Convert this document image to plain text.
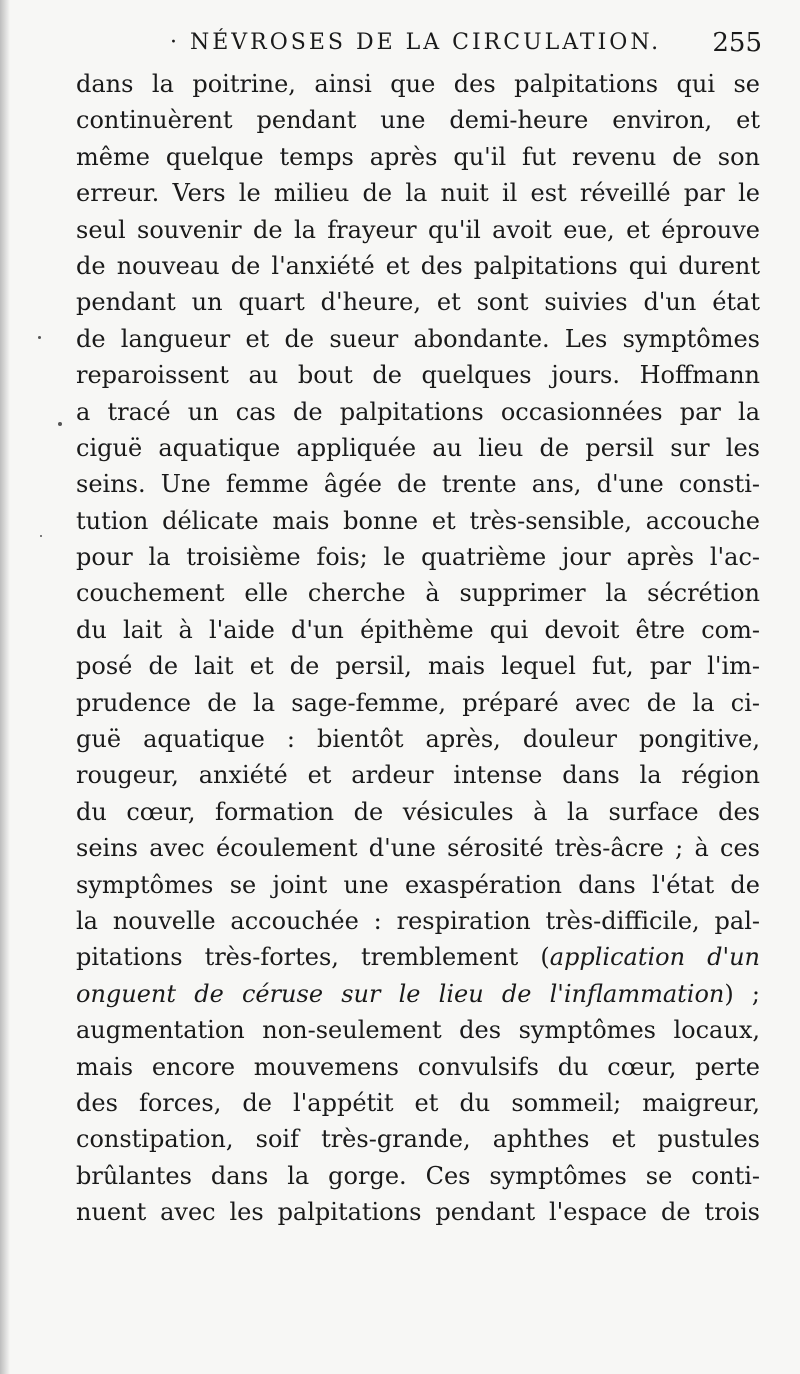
· NÉVROSES DE LA CIRCULATION. 255
dans la poitrine, ainsi que des palpitations qui se
continuèrent pendant une demi-heure environ, et
même quelque temps après qu'il fut revenu de son
erreur. Vers le milieu de la nuit il est réveillé par le
seul souvenir de la frayeur qu'il avoit eue, et éprouve
de nouveau de l'anxiété et des palpitations qui durent
pendant un quart d'heure, et sont suivies d'un état
de langueur et de sueur abondante. Les symptômes
reparoissent au bout de quelques jours. Hoffmann
a tracé un cas de palpitations occasionnées par la
ciguë aquatique appliquée au lieu de persil sur les
seins. Une femme âgée de trente ans, d'une consti-
tution délicate mais bonne et très-sensible, accouche
pour la troisième fois; le quatrième jour après l'ac-
couchement elle cherche à supprimer la sécrétion
du lait à l'aide d'un épithème qui devoit être com-
posé de lait et de persil, mais lequel fut, par l'im-
prudence de la sage-femme, préparé avec de la ci-
guë aquatique : bientôt après, douleur pongitive,
rougeur, anxiété et ardeur intense dans la région
du cœur, formation de vésicules à la surface des
seins avec écoulement d'une sérosité très-âcre ; à ces
symptômes se joint une exaspération dans l'état de
la nouvelle accouchée : respiration très-difficile, pal-
pitations très-fortes, tremblement (application d'un
onguent de céruse sur le lieu de l'inflammation) ;
augmentation non-seulement des symptômes locaux,
mais encore mouvemens convulsifs du cœur, perte
des forces, de l'appétit et du sommeil; maigreur,
constipation, soif très-grande, aphthes et pustules
brûlantes dans la gorge. Ces symptômes se conti-
nuent avec les palpitations pendant l'espace de trois
